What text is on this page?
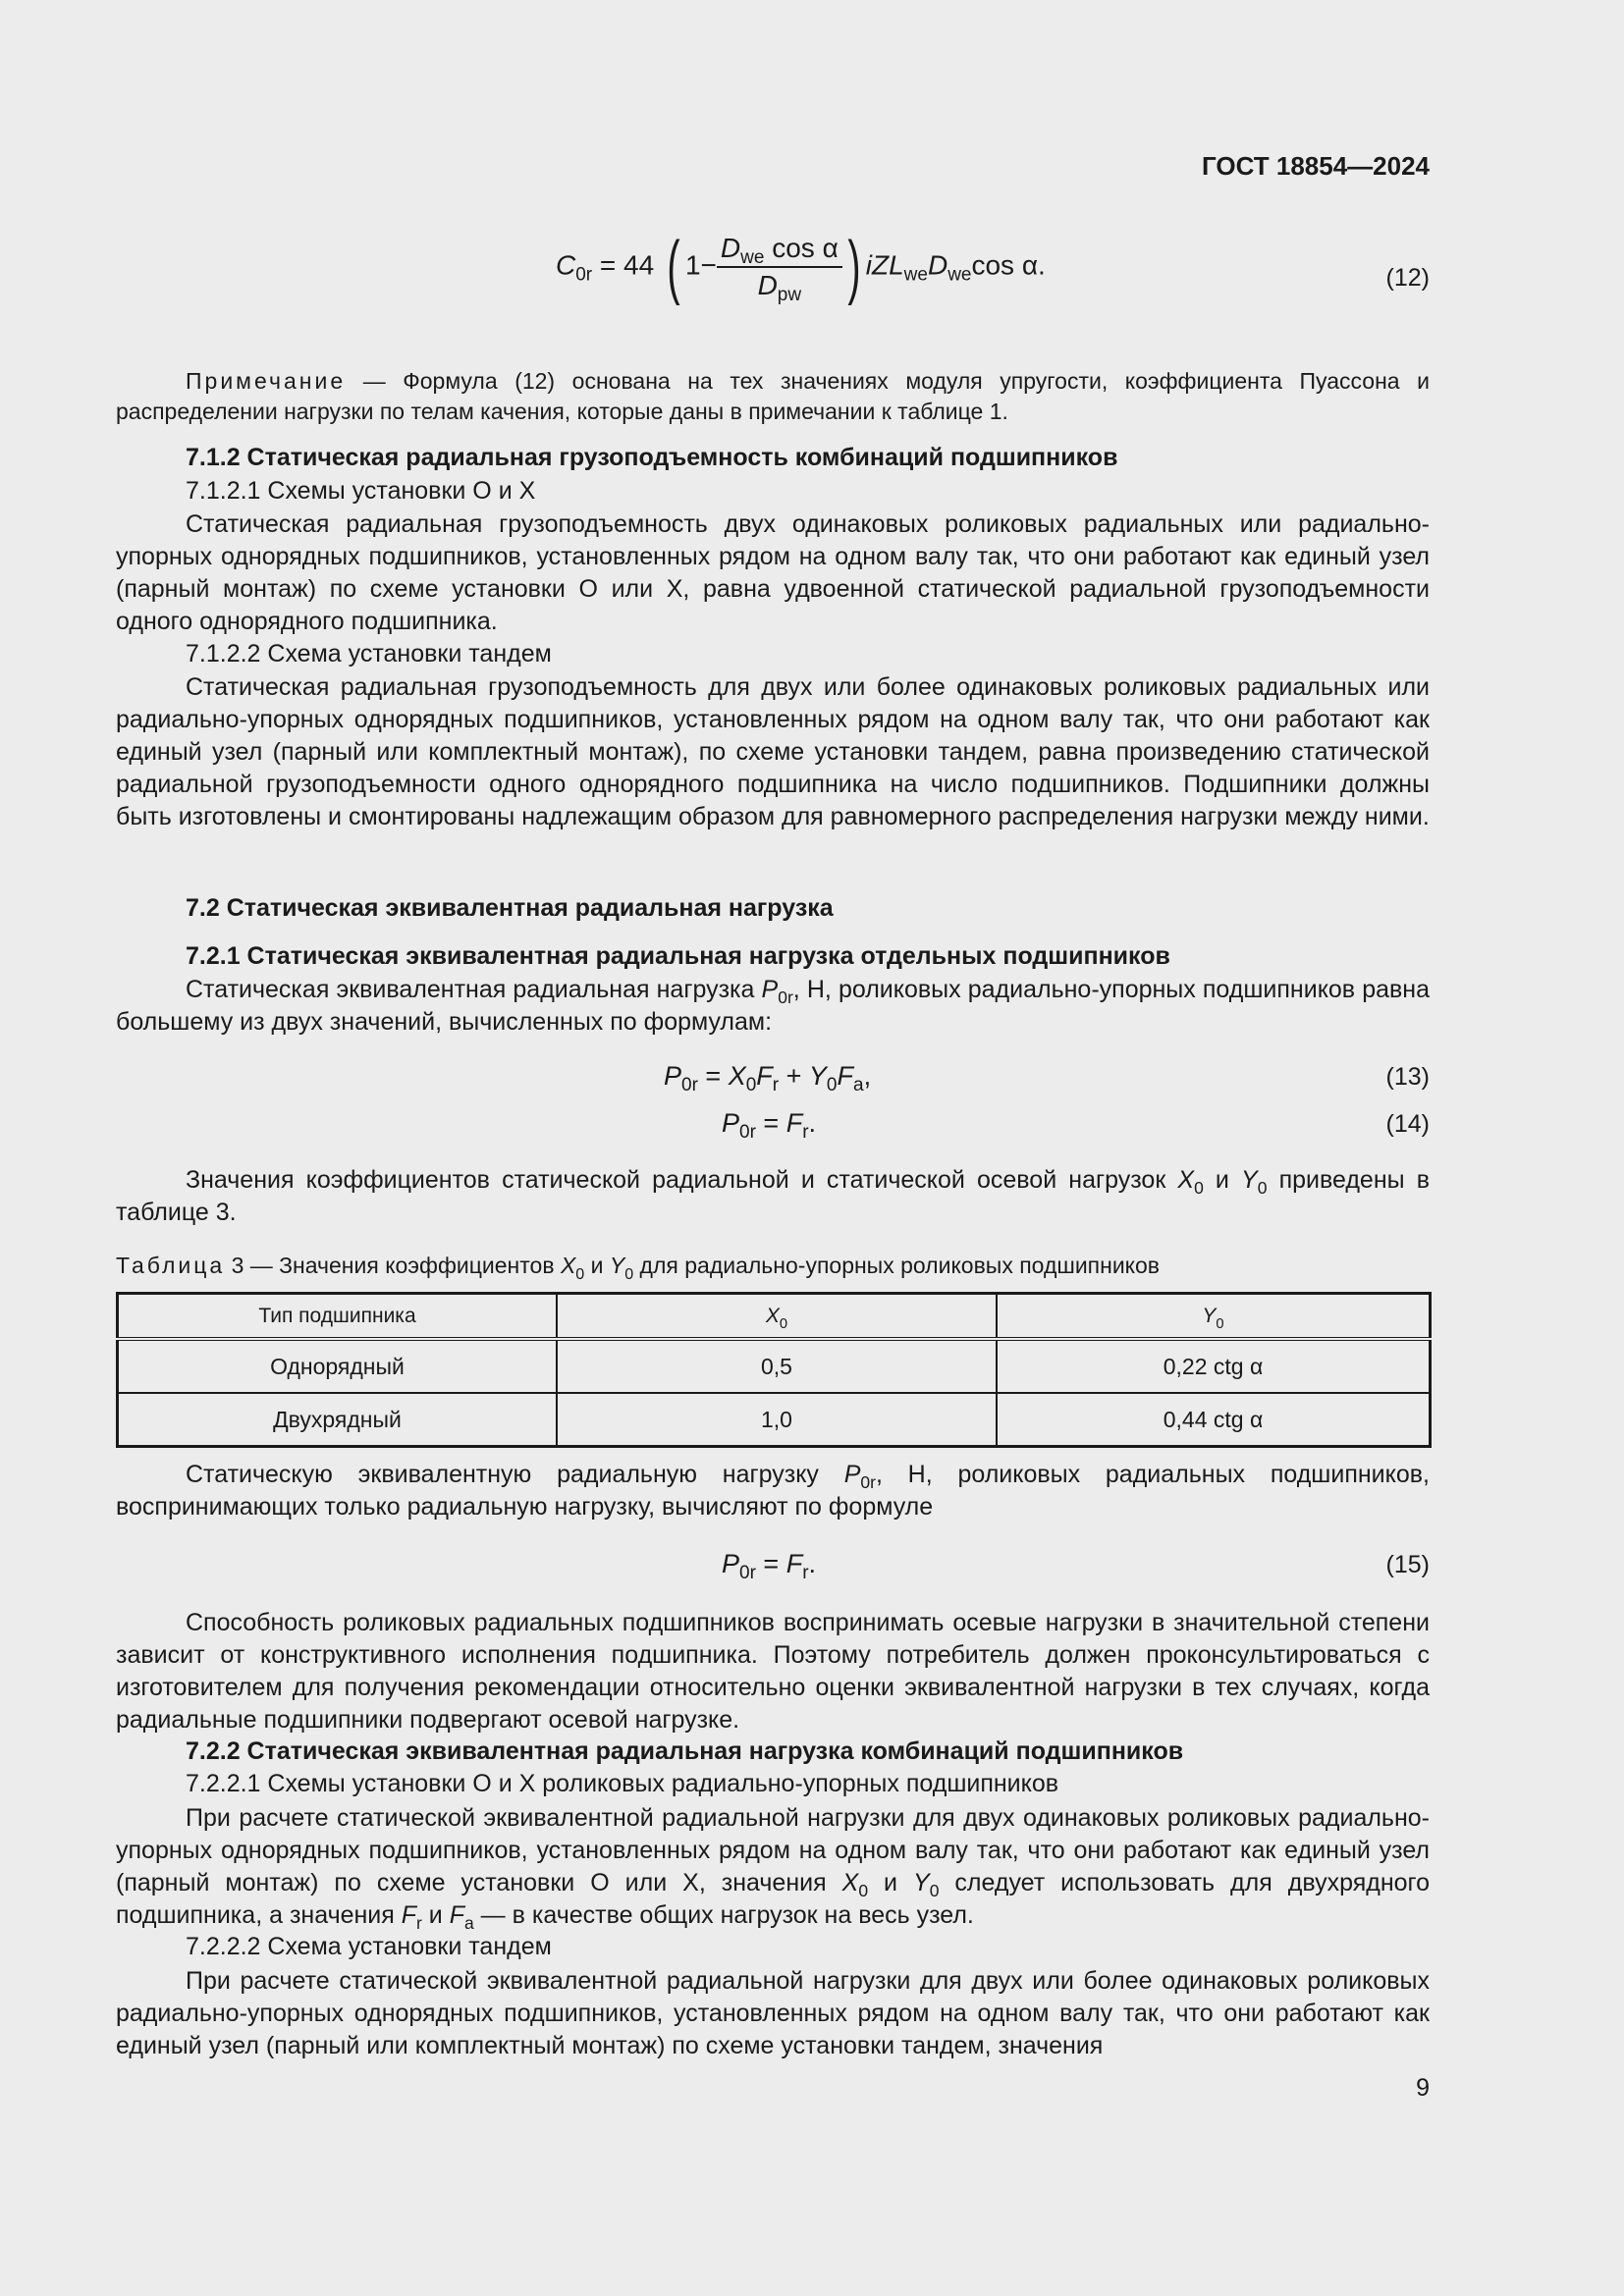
ГОСТ 18854—2024
$C_{0r} = 44$ ( $1- \frac{D_{we} \cos \alpha}{D_{pw}}$ ) $iZL_{we}D_{we}\cos$ α.	(12)
Примечание — Формула (12) основана на тех значениях модуля упругости, коэффициента Пуассона и распределении нагрузки по телам качения, которые даны в примечании к таблице 1.
7.1.2 Статическая радиальная грузоподъемность комбинаций подшипников
7.1.2.1 Схемы установки О и Х
Статическая радиальная грузоподъемность двух одинаковых роликовых радиальных или радиально-упорных однорядных подшипников, установленных рядом на одном валу так, что они работают как единый узел (парный монтаж) по схеме установки О или Х, равна удвоенной статической радиальной грузоподъемности одного однорядного подшипника.
7.1.2.2 Схема установки тандем
Статическая радиальная грузоподъемность для двух или более одинаковых роликовых радиальных или радиально-упорных однорядных подшипников, установленных рядом на одном валу так, что они работают как единый узел (парный или комплектный монтаж), по схеме установки тандем, равна произведению статической радиальной грузоподъемности одного однорядного подшипника на число подшипников. Подшипники должны быть изготовлены и смонтированы надлежащим образом для равномерного распределения нагрузки между ними.
7.2 Статическая эквивалентная радиальная нагрузка
7.2.1 Статическая эквивалентная радиальная нагрузка отдельных подшипников
Статическая эквивалентная радиальная нагрузка $P_{0r}$, Н, роликовых радиально-упорных подшипников равна большему из двух значений, вычисленных по формулам:
$P_{0r} = X_0F_r + Y_0F_a$,	(13)
$P_{0r} = F_r$.	(14)
Значения коэффициентов статической радиальной и статической осевой нагрузок $X_0$ и $Y_0$ приведены в таблице 3.
Таблица 3 — Значения коэффициентов $X_0$ и $Y_0$ для радиально-упорных роликовых подшипников
Тип подшипника	$X_0$	$Y_0$
Однорядный	0,5	0,22 ctg α
Двухрядный	1,0	0,44 ctg α
Статическую эквивалентную радиальную нагрузку $P_{0r}$, Н, роликовых радиальных подшипников, воспринимающих только радиальную нагрузку, вычисляют по формуле
$P_{0r} = F_r$.	(15)
Способность роликовых радиальных подшипников воспринимать осевые нагрузки в значительной степени зависит от конструктивного исполнения подшипника. Поэтому потребитель должен проконсультироваться с изготовителем для получения рекомендации относительно оценки эквивалентной нагрузки в тех случаях, когда радиальные подшипники подвергают осевой нагрузке.
7.2.2 Статическая эквивалентная радиальная нагрузка комбинаций подшипников
7.2.2.1 Схемы установки О и Х роликовых радиально-упорных подшипников
При расчете статической эквивалентной радиальной нагрузки для двух одинаковых роликовых радиально-упорных однорядных подшипников, установленных рядом на одном валу так, что они работают как единый узел (парный монтаж) по схеме установки О или Х, значения $X_0$ и $Y_0$ следует использовать для двухрядного подшипника, а значения $F_r$ и $F_a$ — в качестве общих нагрузок на весь узел.
7.2.2.2 Схема установки тандем
При расчете статической эквивалентной радиальной нагрузки для двух или более одинаковых роликовых радиально-упорных однорядных подшипников, установленных рядом на одном валу так, что они работают как единый узел (парный или комплектный монтаж) по схеме установки тандем, значения
9
